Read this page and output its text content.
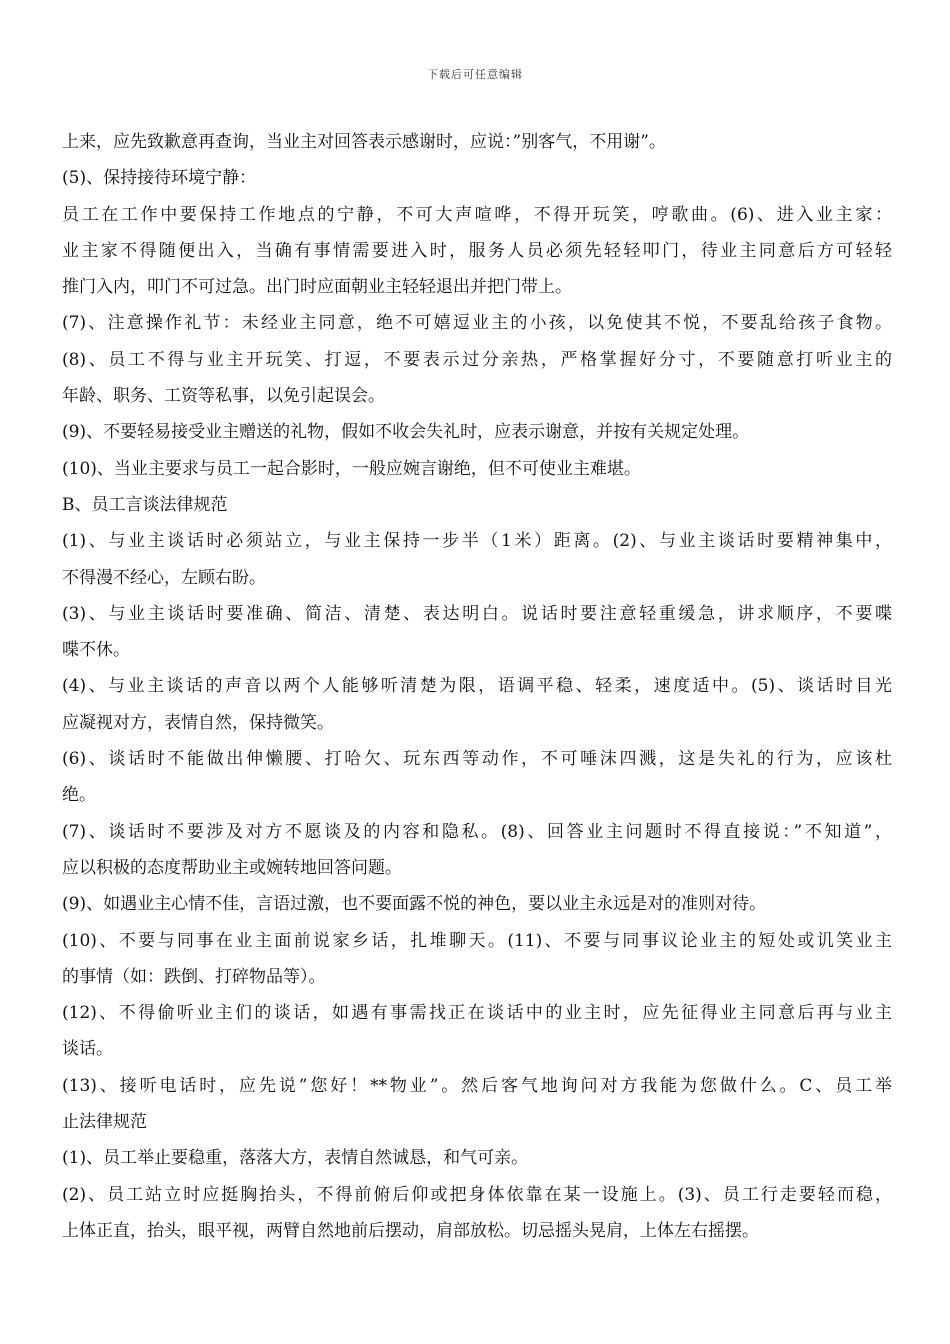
下载后可任意编辑
上来，应先致歉意再查询，当业主对回答表示感谢时，应说：”别客气，不用谢”。
(5)、保持接待环境宁静：
员工在工作中要保持工作地点的宁静，不可大声喧哗，不得开玩笑，哼歌曲。(6)、进入业主家：
业主家不得随便出入，当确有事情需要进入时，服务人员必须先轻轻叩门，待业主同意后方可轻轻
推门入内，叩门不可过急。出门时应面朝业主轻轻退出并把门带上。
(7)、注意操作礼节：未经业主同意，绝不可嬉逗业主的小孩，以免使其不悦，不要乱给孩子食物。
(8)、员工不得与业主开玩笑、打逗，不要表示过分亲热，严格掌握好分寸，不要随意打听业主的
年龄、职务、工资等私事，以免引起误会。
(9)、不要轻易接受业主赠送的礼物，假如不收会失礼时，应表示谢意，并按有关规定处理。
(10)、当业主要求与员工一起合影时，一般应婉言谢绝，但不可使业主难堪。
B、员工言谈法律规范
(1)、与业主谈话时必须站立，与业主保持一步半（1米）距离。(2)、与业主谈话时要精神集中，
不得漫不经心，左顾右盼。
(3)、与业主谈话时要准确、简洁、清楚、表达明白。说话时要注意轻重缓急，讲求顺序，不要喋
喋不休。
(4)、与业主谈话的声音以两个人能够听清楚为限，语调平稳、轻柔，速度适中。(5)、谈话时目光
应凝视对方，表情自然，保持微笑。
(6)、谈话时不能做出伸懒腰、打哈欠、玩东西等动作，不可唾沫四溅，这是失礼的行为，应该杜
绝。
(7)、谈话时不要涉及对方不愿谈及的内容和隐私。(8)、回答业主问题时不得直接说：”不知道”，
应以积极的态度帮助业主或婉转地回答问题。
(9)、如遇业主心情不佳，言语过激，也不要面露不悦的神色，要以业主永远是对的准则对待。
(10)、不要与同事在业主面前说家乡话，扎堆聊天。(11)、不要与同事议论业主的短处或讥笑业主
的事情（如：跌倒、打碎物品等）。
(12)、不得偷听业主们的谈话，如遇有事需找正在谈话中的业主时，应先征得业主同意后再与业主
谈话。
(13)、接听电话时，应先说”您好！**物业”。然后客气地询问对方我能为您做什么。C、员工举
止法律规范
(1)、员工举止要稳重，落落大方，表情自然诚恳，和气可亲。
(2)、员工站立时应挺胸抬头，不得前俯后仰或把身体依靠在某一设施上。(3)、员工行走要轻而稳，
上体正直，抬头，眼平视，两臂自然地前后摆动，肩部放松。切忌摇头晃肩，上体左右摇摆。
